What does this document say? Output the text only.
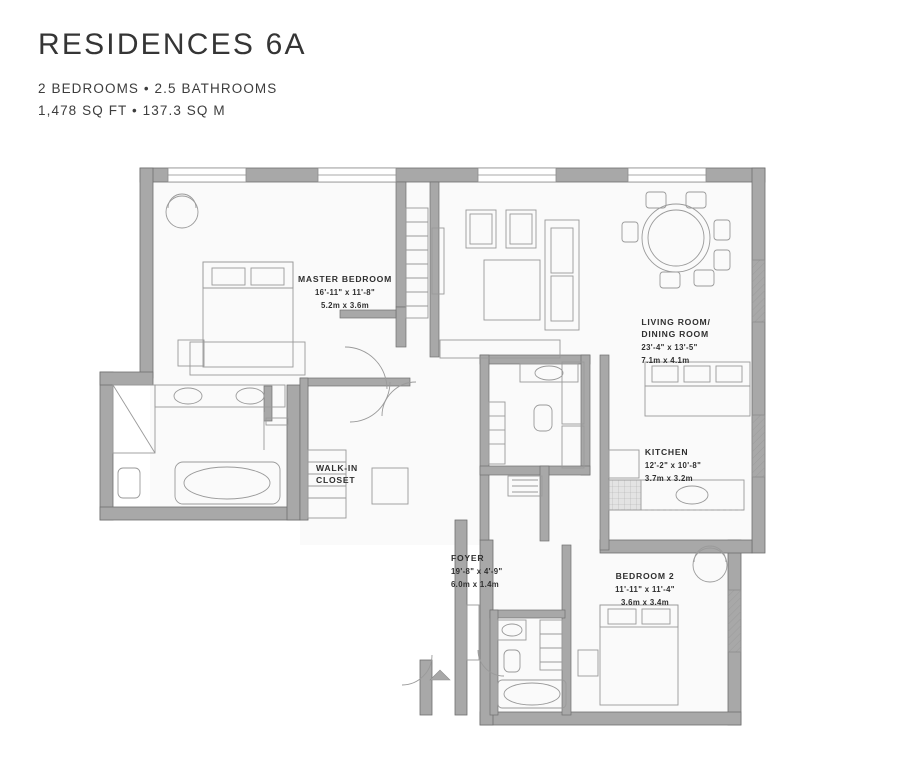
RESIDENCES 6A
2 BEDROOMS • 2.5 BATHROOMS
1,478 SQ FT • 137.3 SQ M
MASTER BEDROOM
16'-11" x 11'-8"
5.2m x 3.6m
LIVING ROOM/
DINING ROOM
23'-4" x 13'-5"
7.1m x 4.1m
KITCHEN
12'-2" x 10'-8"
3.7m x 3.2m
WALK-IN
CLOSET
FOYER
19'-8" x 4'-9"
6.0m x 1.4m
BEDROOM 2
11'-11" x 11'-4"
3.6m x 3.4m
